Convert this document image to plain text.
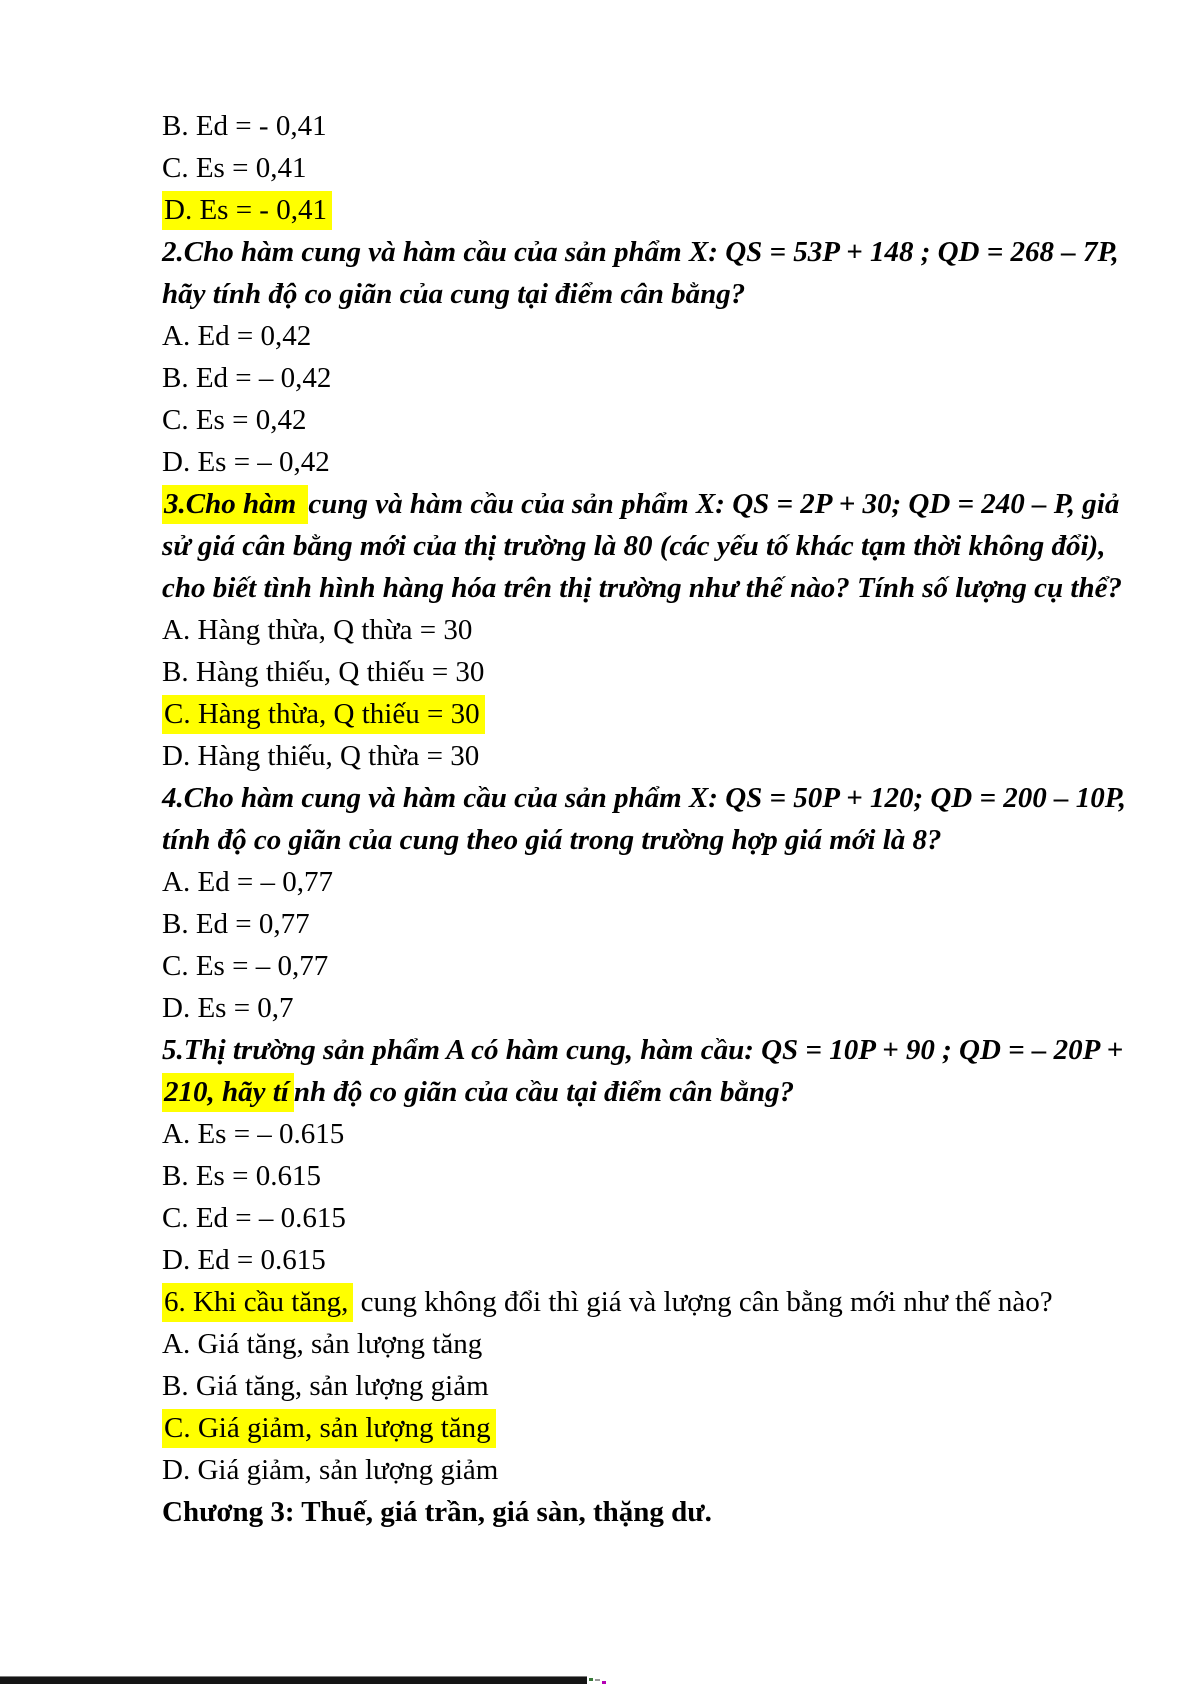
B. Ed = - 0,41
C. Es = 0,41
D. Es = - 0,41
2.Cho hàm cung và hàm cầu của sản phẩm X: QS = 53P + 148 ; QD = 268 – 7P,
hãy tính độ co giãn của cung tại điểm cân bằng?
A. Ed = 0,42
B. Ed = – 0,42
C. Es = 0,42
D. Es = – 0,42
3.Cho hàm cung và hàm cầu của sản phẩm X: QS = 2P + 30; QD = 240 – P, giả
sử giá cân bằng mới của thị trường là 80 (các yếu tố khác tạm thời không đổi),
cho biết tình hình hàng hóa trên thị trường như thế nào? Tính số lượng cụ thể?
A. Hàng thừa, Q thừa = 30
B. Hàng thiếu, Q thiếu = 30
C. Hàng thừa, Q thiếu = 30
D. Hàng thiếu, Q thừa = 30
4.Cho hàm cung và hàm cầu của sản phẩm X: QS = 50P + 120; QD = 200 – 10P,
tính độ co giãn của cung theo giá trong trường hợp giá mới là 8?
A. Ed = – 0,77
B. Ed = 0,77
C. Es = – 0,77
D. Es = 0,7
5.Thị trường sản phẩm A có hàm cung, hàm cầu: QS = 10P + 90 ; QD = – 20P +
210, hãy tí nh độ co giãn của cầu tại điểm cân bằng?
A. Es = – 0.615
B. Es = 0.615
C. Ed = – 0.615
D. Ed = 0.615
6. Khi cầu tăng, cung không đổi thì giá và lượng cân bằng mới như thế nào?
A. Giá tăng, sản lượng tăng
B. Giá tăng, sản lượng giảm
C. Giá giảm, sản lượng tăng
D. Giá giảm, sản lượng giảm
Chương 3: Thuế, giá trần, giá sàn, thặng dư.
